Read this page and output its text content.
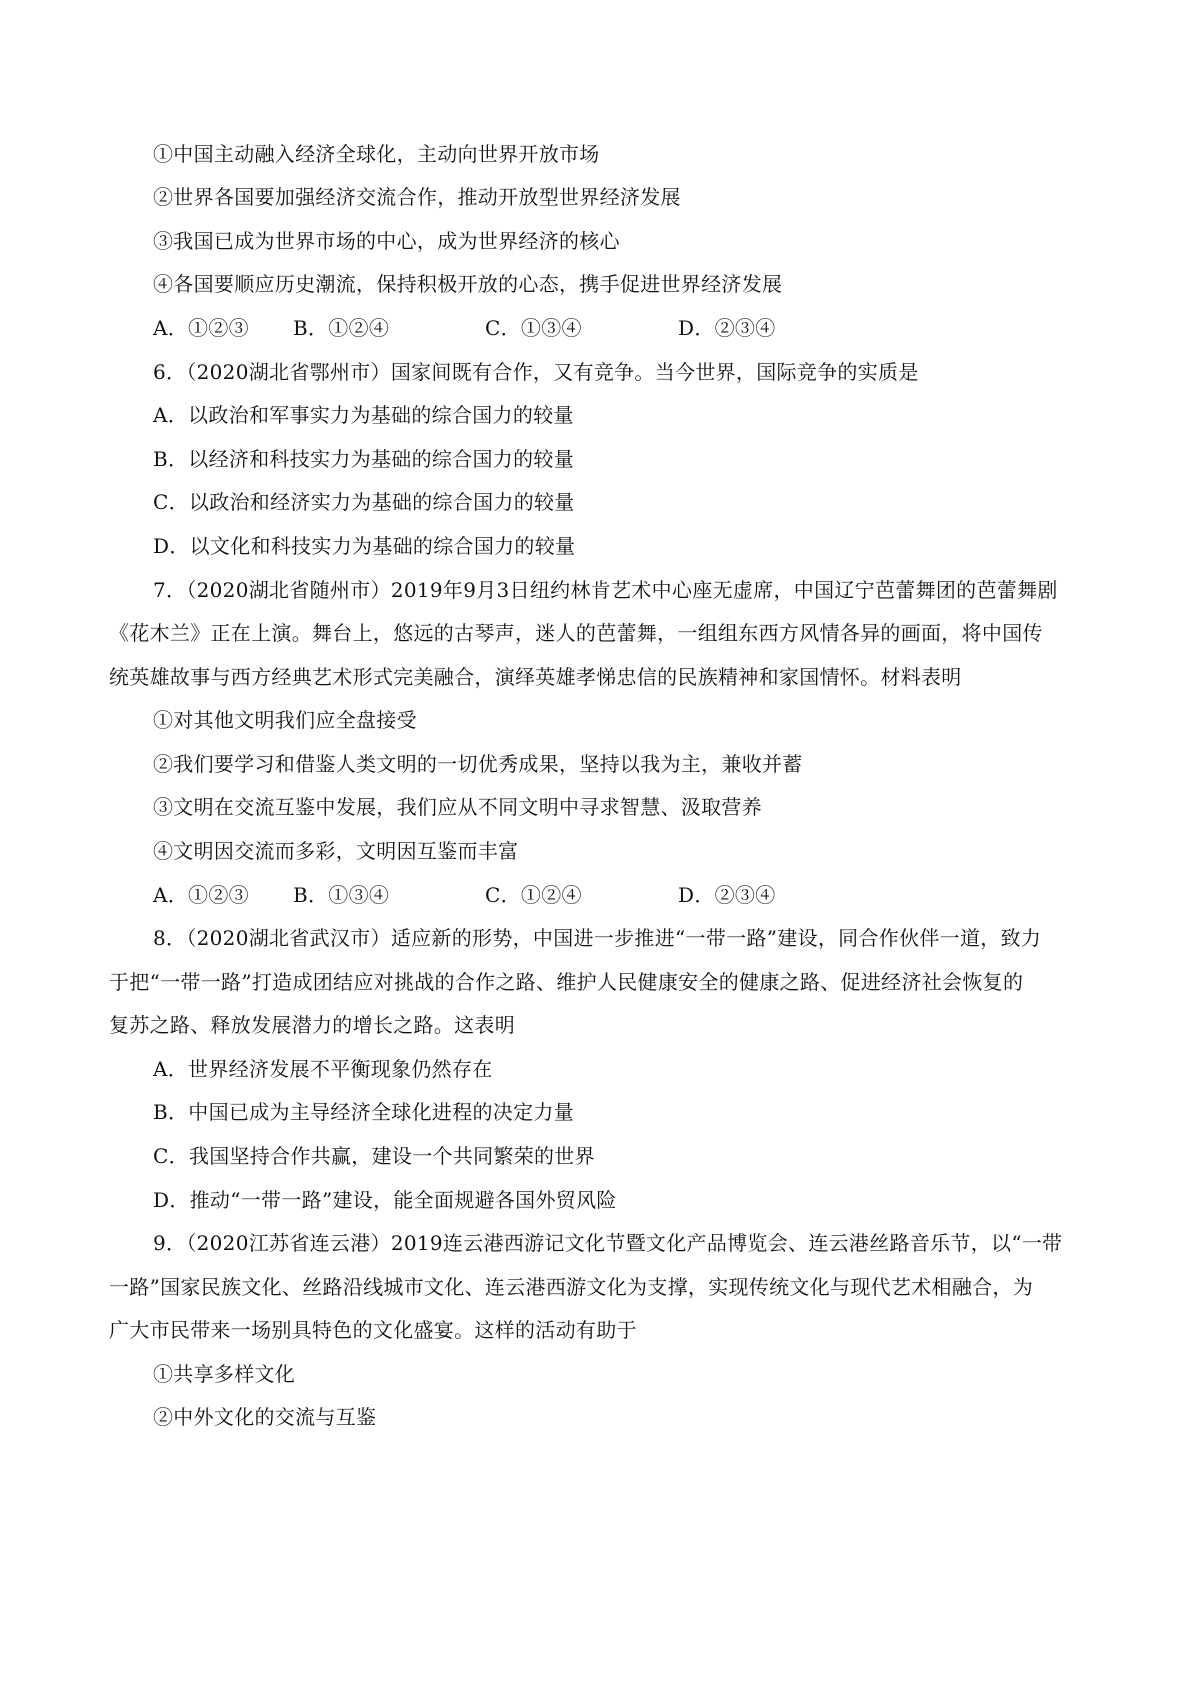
①中国主动融入经济全球化，主动向世界开放市场
②世界各国要加强经济交流合作，推动开放型世界经济发展
③我国已成为世界市场的中心，成为世界经济的核心
④各国要顺应历史潮流，保持积极开放的心态，携手促进世界经济发展
A．①②③ B．①②④	C．①③④	D．②③④
6．（2020湖北省鄂州市）国家间既有合作，又有竞争。当今世界，国际竞争的实质是
A．以政治和军事实力为基础的综合国力的较量
B．以经济和科技实力为基础的综合国力的较量
C．以政治和经济实力为基础的综合国力的较量
D．以文化和科技实力为基础的综合国力的较量
7．（2020湖北省随州市）2019年9月3日纽约林肯艺术中心座无虚席，中国辽宁芭蕾舞团的芭蕾舞剧
《花木兰》正在上演。舞台上，悠远的古琴声，迷人的芭蕾舞，一组组东西方风情各异的画面，将中国传
统英雄故事与西方经典艺术形式完美融合，演绎英雄孝悌忠信的民族精神和家国情怀。材料表明
①对其他文明我们应全盘接受
②我们要学习和借鉴人类文明的一切优秀成果，坚持以我为主，兼收并蓄
③文明在交流互鉴中发展，我们应从不同文明中寻求智慧、汲取营养
④文明因交流而多彩，文明因互鉴而丰富
A．①②③ B．①③④	C．①②④	D．②③④
8．（2020湖北省武汉市）适应新的形势，中国进一步推进“一带一路”建设，同合作伙伴一道，致力
于把“一带一路”打造成团结应对挑战的合作之路、维护人民健康安全的健康之路、促进经济社会恢复的
复苏之路、释放发展潜力的增长之路。这表明
A．世界经济发展不平衡现象仍然存在
B．中国已成为主导经济全球化进程的决定力量
C．我国坚持合作共赢，建设一个共同繁荣的世界
D．推动“一带一路”建设，能全面规避各国外贸风险
9．（2020江苏省连云港）2019连云港西游记文化节暨文化产品博览会、连云港丝路音乐节，以“一带
一路”国家民族文化、丝路沿线城市文化、连云港西游文化为支撑，实现传统文化与现代艺术相融合，为
广大市民带来一场别具特色的文化盛宴。这样的活动有助于
①共享多样文化
②中外文化的交流与互鉴
